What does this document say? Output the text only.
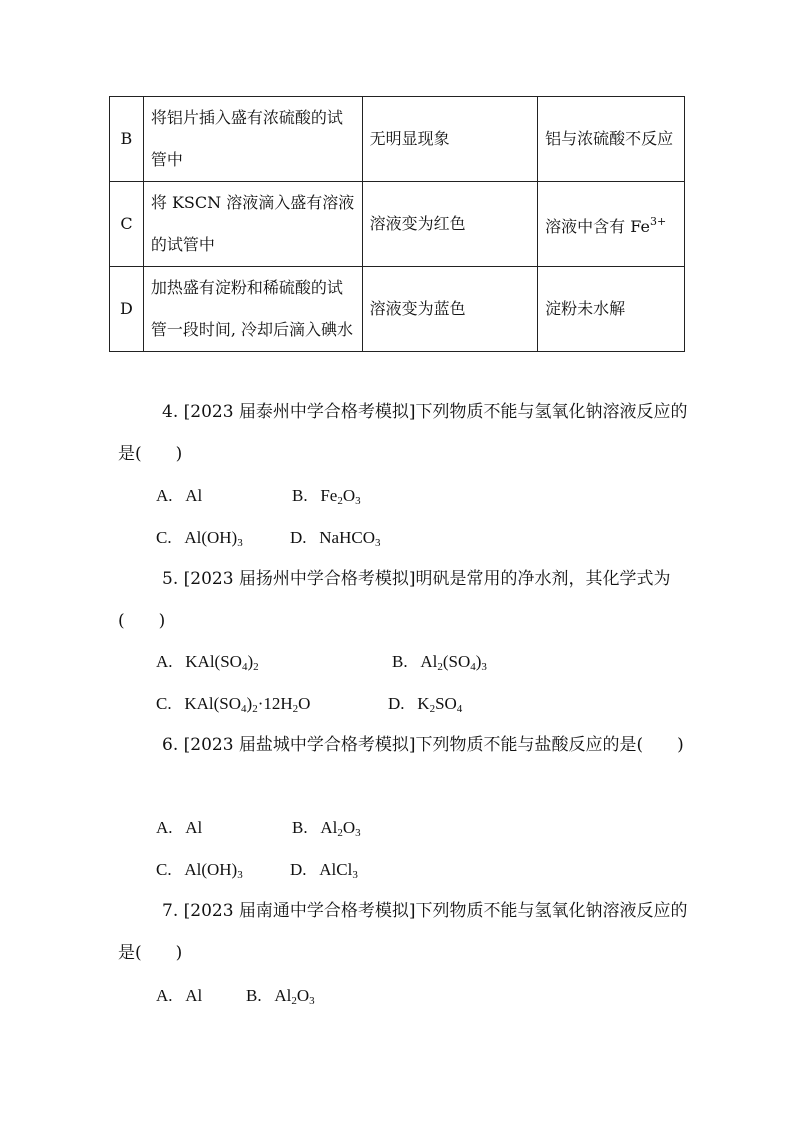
B	将铝片插入盛有浓硫酸的试管中	无明显现象	铝与浓硫酸不反应
C	将 KSCN 溶液滴入盛有溶液的试管中	溶液变为红色	溶液中含有 $Fe^{3+}$
D	加热盛有淀粉和稀硫酸的试管一段时间, 冷却后滴入碘水	溶液变为蓝色	淀粉未水解

4. [2023 届泰州中学合格考模拟]下列物质不能与氢氧化钠溶液反应的是(　　)

A. Al	B. $Fe_2O_3$
C. $Al(OH)_3$	D. NaHCO$_3$

5. [2023 届扬州中学合格考模拟]明矾是常用的净水剂，其化学式为(　　)

A. $KAl(SO_4)_2$	B. $Al_2(SO_4)_3$
C. $KAl(SO_4)_2\cdot 12H_2O$	D. $K_2SO_4$

6. [2023 届盐城中学合格考模拟]下列物质不能与盐酸反应的是(　　)

A. Al	B. $Al_2O_3$
C. $Al(OH)_3$	D. AlCl$_3$

7. [2023 届南通中学合格考模拟]下列物质不能与氢氧化钠溶液反应的是(　　)

A. Al	B. $Al_2O_3$
